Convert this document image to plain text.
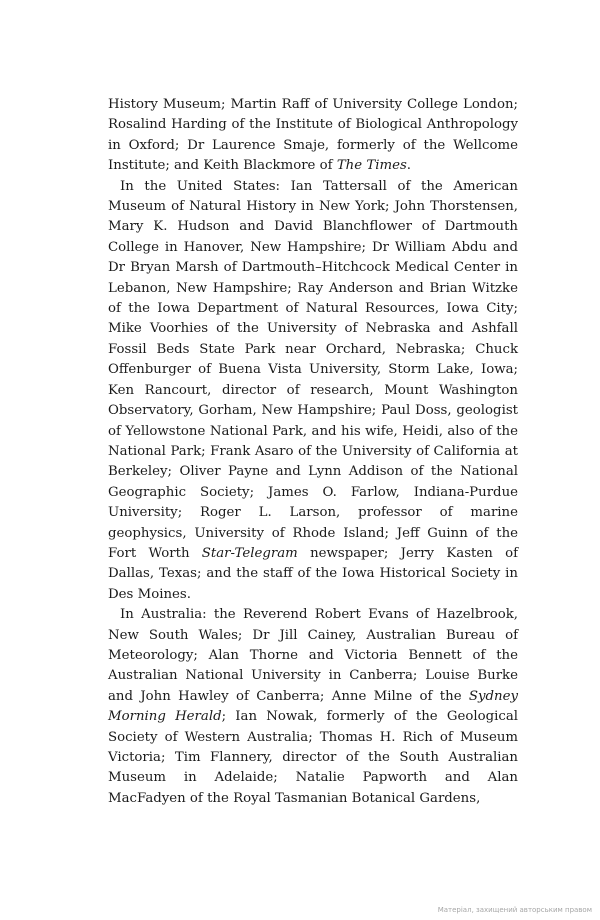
History Museum; Martin Raff of University College London; Rosalind Harding of the Institute of Biological Anthropology in Oxford; Dr Laurence Smaje, formerly of the Wellcome Institute; and Keith Blackmore of The Times.

In the United States: Ian Tattersall of the American Museum of Natural History in New York; John Thorstensen, Mary K. Hudson and David Blanchflower of Dartmouth College in Hanover, New Hampshire; Dr William Abdu and Dr Bryan Marsh of Dartmouth–Hitchcock Medical Center in Lebanon, New Hampshire; Ray Anderson and Brian Witzke of the Iowa Department of Natural Resources, Iowa City; Mike Voorhies of the University of Nebraska and Ashfall Fossil Beds State Park near Orchard, Nebraska; Chuck Offenburger of Buena Vista University, Storm Lake, Iowa; Ken Rancourt, director of research, Mount Washington Observatory, Gorham, New Hampshire; Paul Doss, geologist of Yellowstone National Park, and his wife, Heidi, also of the National Park; Frank Asaro of the University of California at Berkeley; Oliver Payne and Lynn Addison of the National Geographic Society; James O. Farlow, Indiana-Purdue University; Roger L. Larson, professor of marine geophysics, University of Rhode Island; Jeff Guinn of the Fort Worth Star-Telegram newspaper; Jerry Kasten of Dallas, Texas; and the staff of the Iowa Historical Society in Des Moines.

In Australia: the Reverend Robert Evans of Hazelbrook, New South Wales; Dr Jill Cainey, Australian Bureau of Meteorology; Alan Thorne and Victoria Bennett of the Australian National University in Canberra; Louise Burke and John Hawley of Canberra; Anne Milne of the Sydney Morning Herald; Ian Nowak, formerly of the Geological Society of Western Australia; Thomas H. Rich of Museum Victoria; Tim Flannery, director of the South Australian Museum in Adelaide; Natalie Papworth and Alan MacFadyen of the Royal Tasmanian Botanical Gardens,

Матеріал, захищений авторським правом
